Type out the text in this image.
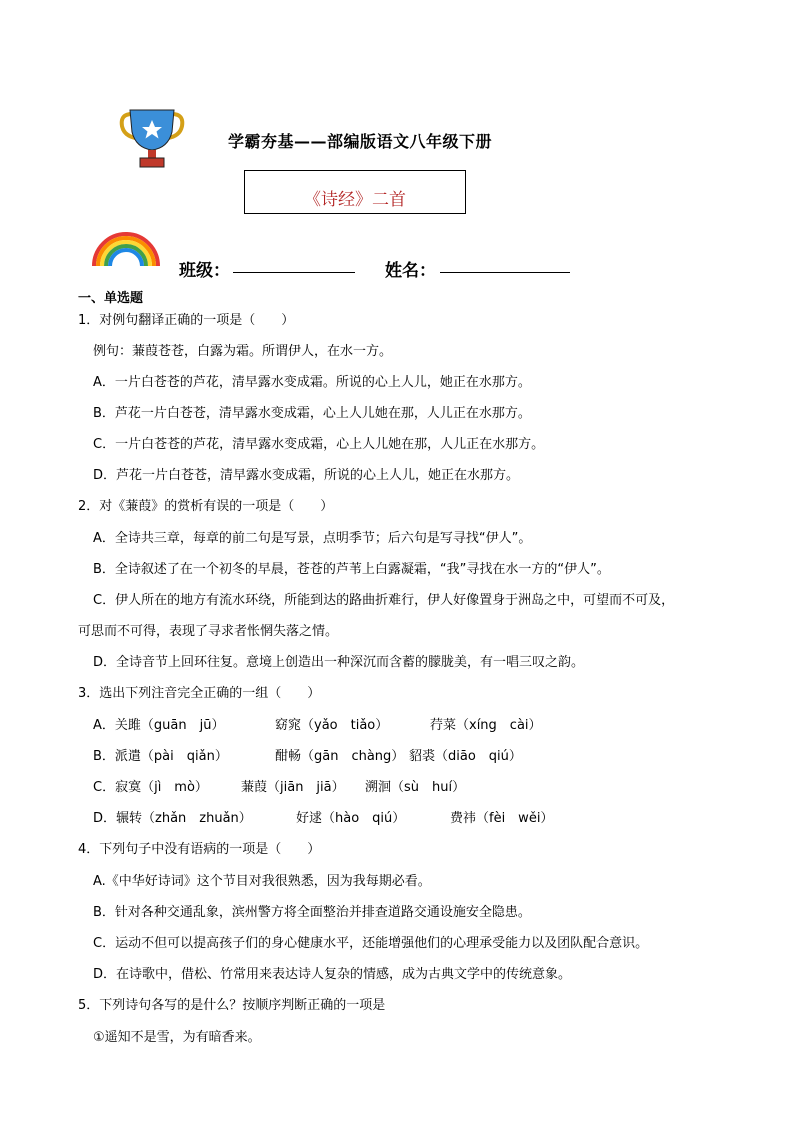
学霸夯基——部编版语文八年级下册
《诗经》二首
班级：	姓名：
一、单选题
1．对例句翻译正确的一项是（　　）
例句：蒹葭苍苍，白露为霜。所谓伊人，在水一方。
A．一片白苍苍的芦花，清早露水变成霜。所说的心上人儿，她正在水那方。
B．芦花一片白苍苍，清早露水变成霜，心上人儿她在那，人儿正在水那方。
C．一片白苍苍的芦花，清早露水变成霜，心上人儿她在那，人儿正在水那方。
D．芦花一片白苍苍，清早露水变成霜，所说的心上人儿，她正在水那方。
2．对《蒹葭》的赏析有误的一项是（　　）
A．全诗共三章，每章的前二句是写景，点明季节；后六句是写寻找“伊人”。
B．全诗叙述了在一个初冬的早晨，苍苍的芦苇上白露凝霜，“我”寻找在水一方的“伊人”。
C．伊人所在的地方有流水环绕，所能到达的路曲折难行，伊人好像置身于洲岛之中，可望而不可及，
可思而不可得，表现了寻求者怅惘失落之情。
D．全诗音节上回环往复。意境上创造出一种深沉而含蓄的朦胧美，有一唱三叹之韵。
3．选出下列注音完全正确的一组（　　）
A．关雎（guān　jū）	窈窕（yǎo　tiǎo）	荇菜（xíng　cài）
B．派遣（pài　qiǎn）	酣畅（gān　chàng） 貂裘（diāo　qiú）
C．寂寞（jì　mò）	蒹葭（jiān　jiā） 溯洄（sù　huí）
D．辗转（zhǎn　zhuǎn）	好逑（hào　qiú）	费祎（fèi　wěi）
4．下列句子中没有语病的一项是（　　）
A.《中华好诗词》这个节目对我很熟悉，因为我每期必看。
B．针对各种交通乱象，滨州警方将全面整治并排查道路交通设施安全隐患。
C．运动不但可以提高孩子们的身心健康水平，还能增强他们的心理承受能力以及团队配合意识。
D．在诗歌中，借松、竹常用来表达诗人复杂的情感，成为古典文学中的传统意象。
5．下列诗句各写的是什么？按顺序判断正确的一项是
①遥知不是雪，为有暗香来。
